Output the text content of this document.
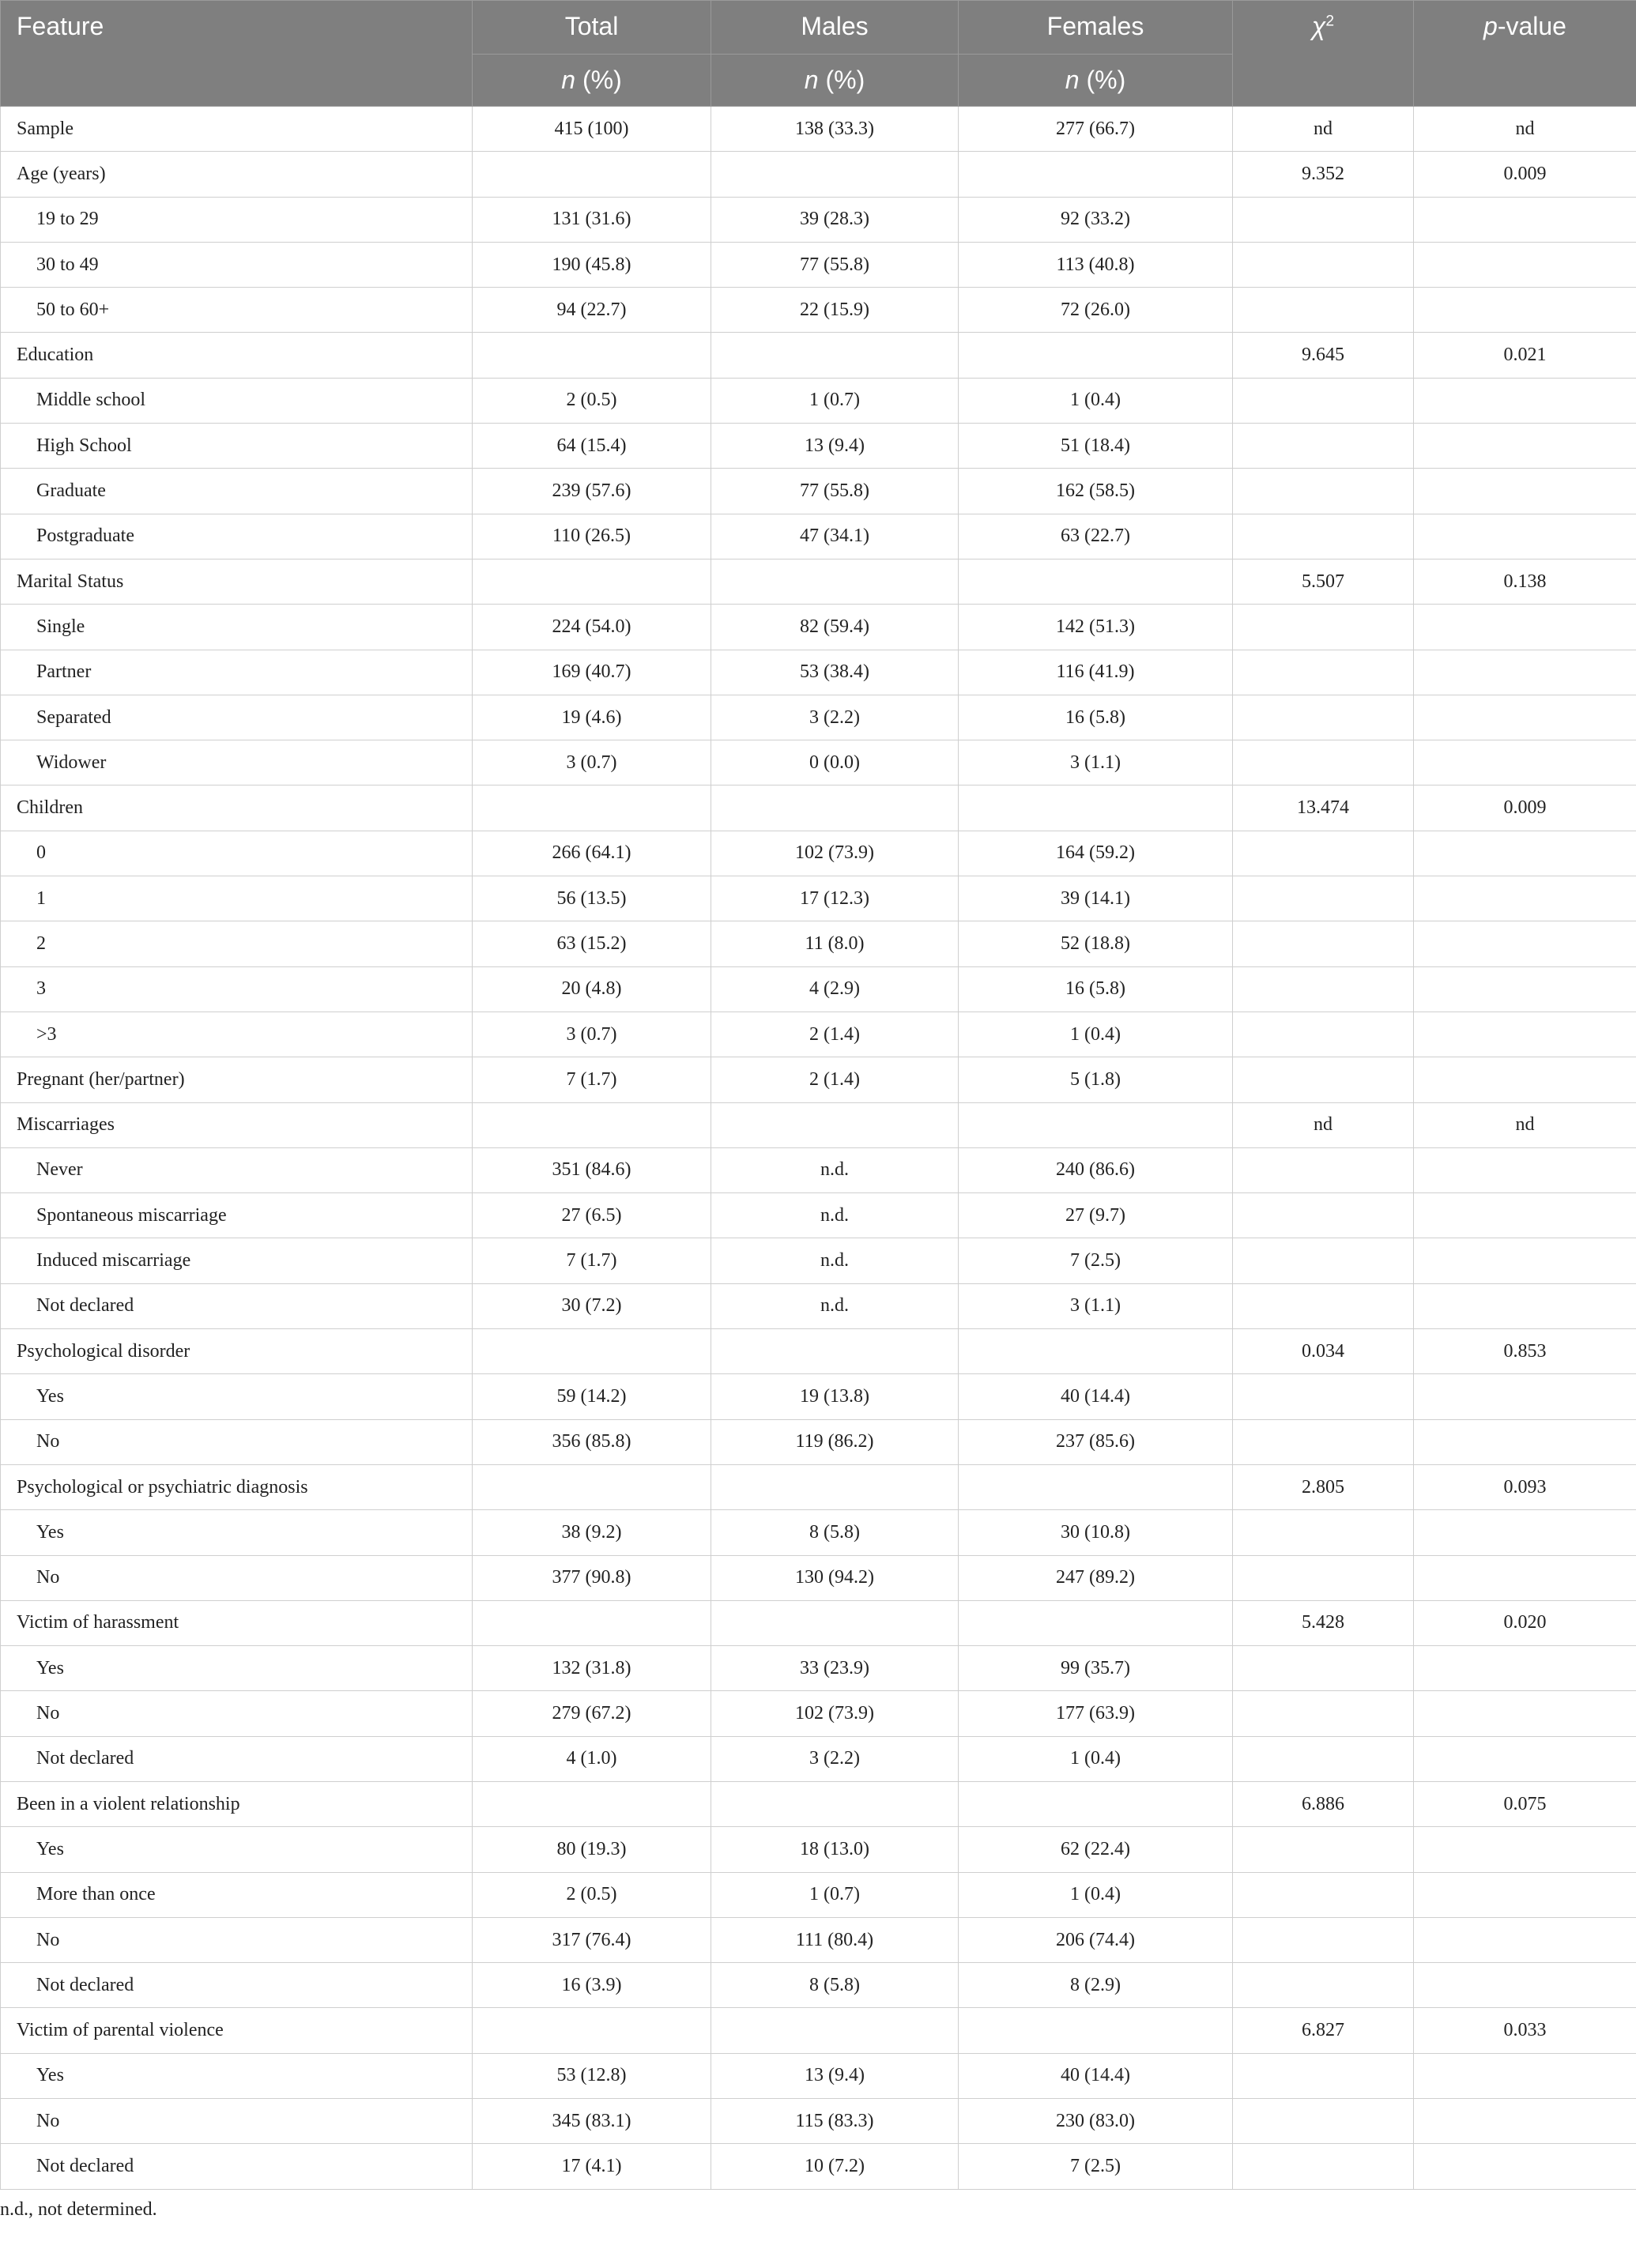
Feature	Total	Males	Females	$\chi^2$	p-value
	n (%)	n (%)	n (%)		
Sample	415 (100)	138 (33.3)	277 (66.7)	nd	nd
Age (years)				9.352	0.009
19 to 29	131 (31.6)	39 (28.3)	92 (33.2)		
30 to 49	190 (45.8)	77 (55.8)	113 (40.8)		
50 to 60+	94 (22.7)	22 (15.9)	72 (26.0)		
Education				9.645	0.021
Middle school	2 (0.5)	1 (0.7)	1 (0.4)		
High School	64 (15.4)	13 (9.4)	51 (18.4)		
Graduate	239 (57.6)	77 (55.8)	162 (58.5)		
Postgraduate	110 (26.5)	47 (34.1)	63 (22.7)		
Marital Status				5.507	0.138
Single	224 (54.0)	82 (59.4)	142 (51.3)		
Partner	169 (40.7)	53 (38.4)	116 (41.9)		
Separated	19 (4.6)	3 (2.2)	16 (5.8)		
Widower	3 (0.7)	0 (0.0)	3 (1.1)		
Children				13.474	0.009
0	266 (64.1)	102 (73.9)	164 (59.2)		
1	56 (13.5)	17 (12.3)	39 (14.1)		
2	63 (15.2)	11 (8.0)	52 (18.8)		
3	20 (4.8)	4 (2.9)	16 (5.8)		
>3	3 (0.7)	2 (1.4)	1 (0.4)		
Pregnant (her/partner)	7 (1.7)	2 (1.4)	5 (1.8)		
Miscarriages				nd	nd
Never	351 (84.6)	n.d.	240 (86.6)		
Spontaneous miscarriage	27 (6.5)	n.d.	27 (9.7)		
Induced miscarriage	7 (1.7)	n.d.	7 (2.5)		
Not declared	30 (7.2)	n.d.	3 (1.1)		
Psychological disorder				0.034	0.853
Yes	59 (14.2)	19 (13.8)	40 (14.4)		
No	356 (85.8)	119 (86.2)	237 (85.6)		
Psychological or psychiatric diagnosis				2.805	0.093
Yes	38 (9.2)	8 (5.8)	30 (10.8)		
No	377 (90.8)	130 (94.2)	247 (89.2)		
Victim of harassment				5.428	0.020
Yes	132 (31.8)	33 (23.9)	99 (35.7)		
No	279 (67.2)	102 (73.9)	177 (63.9)		
Not declared	4 (1.0)	3 (2.2)	1 (0.4)		
Been in a violent relationship				6.886	0.075
Yes	80 (19.3)	18 (13.0)	62 (22.4)		
More than once	2 (0.5)	1 (0.7)	1 (0.4)		
No	317 (76.4)	111 (80.4)	206 (74.4)		
Not declared	16 (3.9)	8 (5.8)	8 (2.9)		
Victim of parental violence				6.827	0.033
Yes	53 (12.8)	13 (9.4)	40 (14.4)		
No	345 (83.1)	115 (83.3)	230 (83.0)		
Not declared	17 (4.1)	10 (7.2)	7 (2.5)		
n.d., not determined.
